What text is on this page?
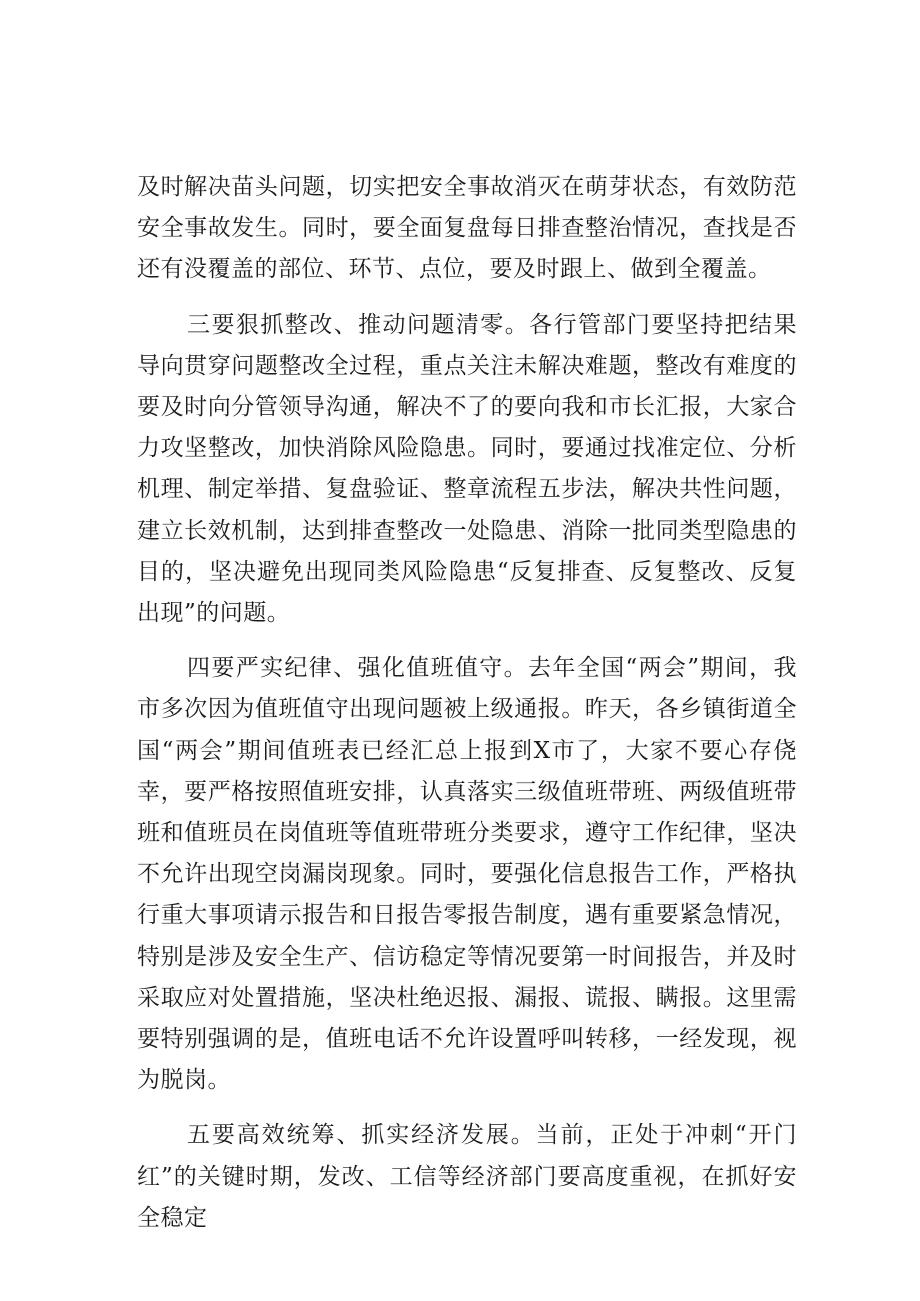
及时解决苗头问题，切实把安全事故消灭在萌芽状态，有效防范安全事故发生。同时，要全面复盘每日排查整治情况，查找是否还有没覆盖的部位、环节、点位，要及时跟上、做到全覆盖。

三要狠抓整改、推动问题清零。各行管部门要坚持把结果导向贯穿问题整改全过程，重点关注未解决难题，整改有难度的要及时向分管领导沟通，解决不了的要向我和市长汇报，大家合力攻坚整改，加快消除风险隐患。同时，要通过找准定位、分析机理、制定举措、复盘验证、整章流程五步法，解决共性问题，建立长效机制，达到排查整改一处隐患、消除一批同类型隐患的目的，坚决避免出现同类风险隐患“反复排查、反复整改、反复出现”的问题。

四要严实纪律、强化值班值守。去年全国“两会”期间，我市多次因为值班值守出现问题被上级通报。昨天，各乡镇街道全国“两会”期间值班表已经汇总上报到X市了，大家不要心存侥幸，要严格按照值班安排，认真落实三级值班带班、两级值班带班和值班员在岗值班等值班带班分类要求，遵守工作纪律，坚决不允许出现空岗漏岗现象。同时，要强化信息报告工作，严格执行重大事项请示报告和日报告零报告制度，遇有重要紧急情况，特别是涉及安全生产、信访稳定等情况要第一时间报告，并及时采取应对处置措施，坚决杜绝迟报、漏报、谎报、瞒报。这里需要特别强调的是，值班电话不允许设置呼叫转移，一经发现，视为脱岗。

五要高效统筹、抓实经济发展。当前，正处于冲刺“开门红”的关键时期，发改、工信等经济部门要高度重视，在抓好安全稳定
